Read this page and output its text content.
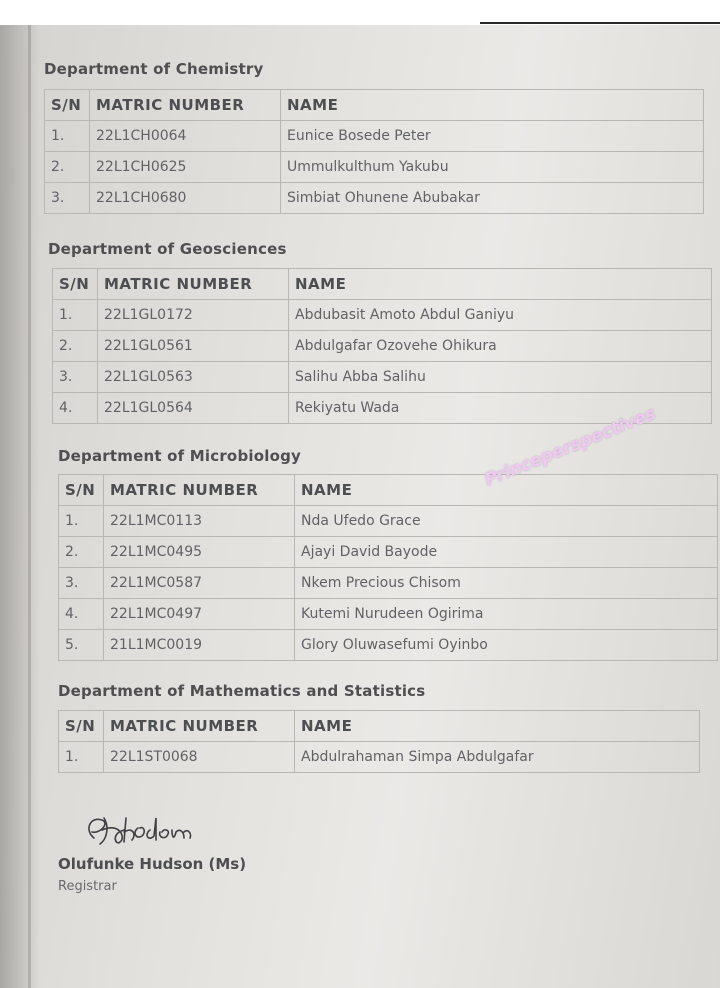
Department of Chemistry
S/N	MATRIC NUMBER	NAME
1.	22L1CH0064	Eunice Bosede Peter
2.	22L1CH0625	Ummulkulthum Yakubu
3.	22L1CH0680	Simbiat Ohunene Abubakar
Department of Geosciences
S/N	MATRIC NUMBER	NAME
1.	22L1GL0172	Abdubasit Amoto Abdul Ganiyu
2.	22L1GL0561	Abdulgafar Ozovehe Ohikura
3.	22L1GL0563	Salihu Abba Salihu
4.	22L1GL0564	Rekiyatu Wada
Department of Microbiology
S/N	MATRIC NUMBER	NAME
1.	22L1MC0113	Nda Ufedo Grace
2.	22L1MC0495	Ajayi David Bayode
3.	22L1MC0587	Nkem Precious Chisom
4.	22L1MC0497	Kutemi Nurudeen Ogirima
5.	21L1MC0019	Glory Oluwasefumi Oyinbo
Department of Mathematics and Statistics
S/N	MATRIC NUMBER	NAME
1.	22L1ST0068	Abdulrahaman Simpa Abdulgafar
Princeperspectives
Olufunke Hudson (Ms)
Registrar
